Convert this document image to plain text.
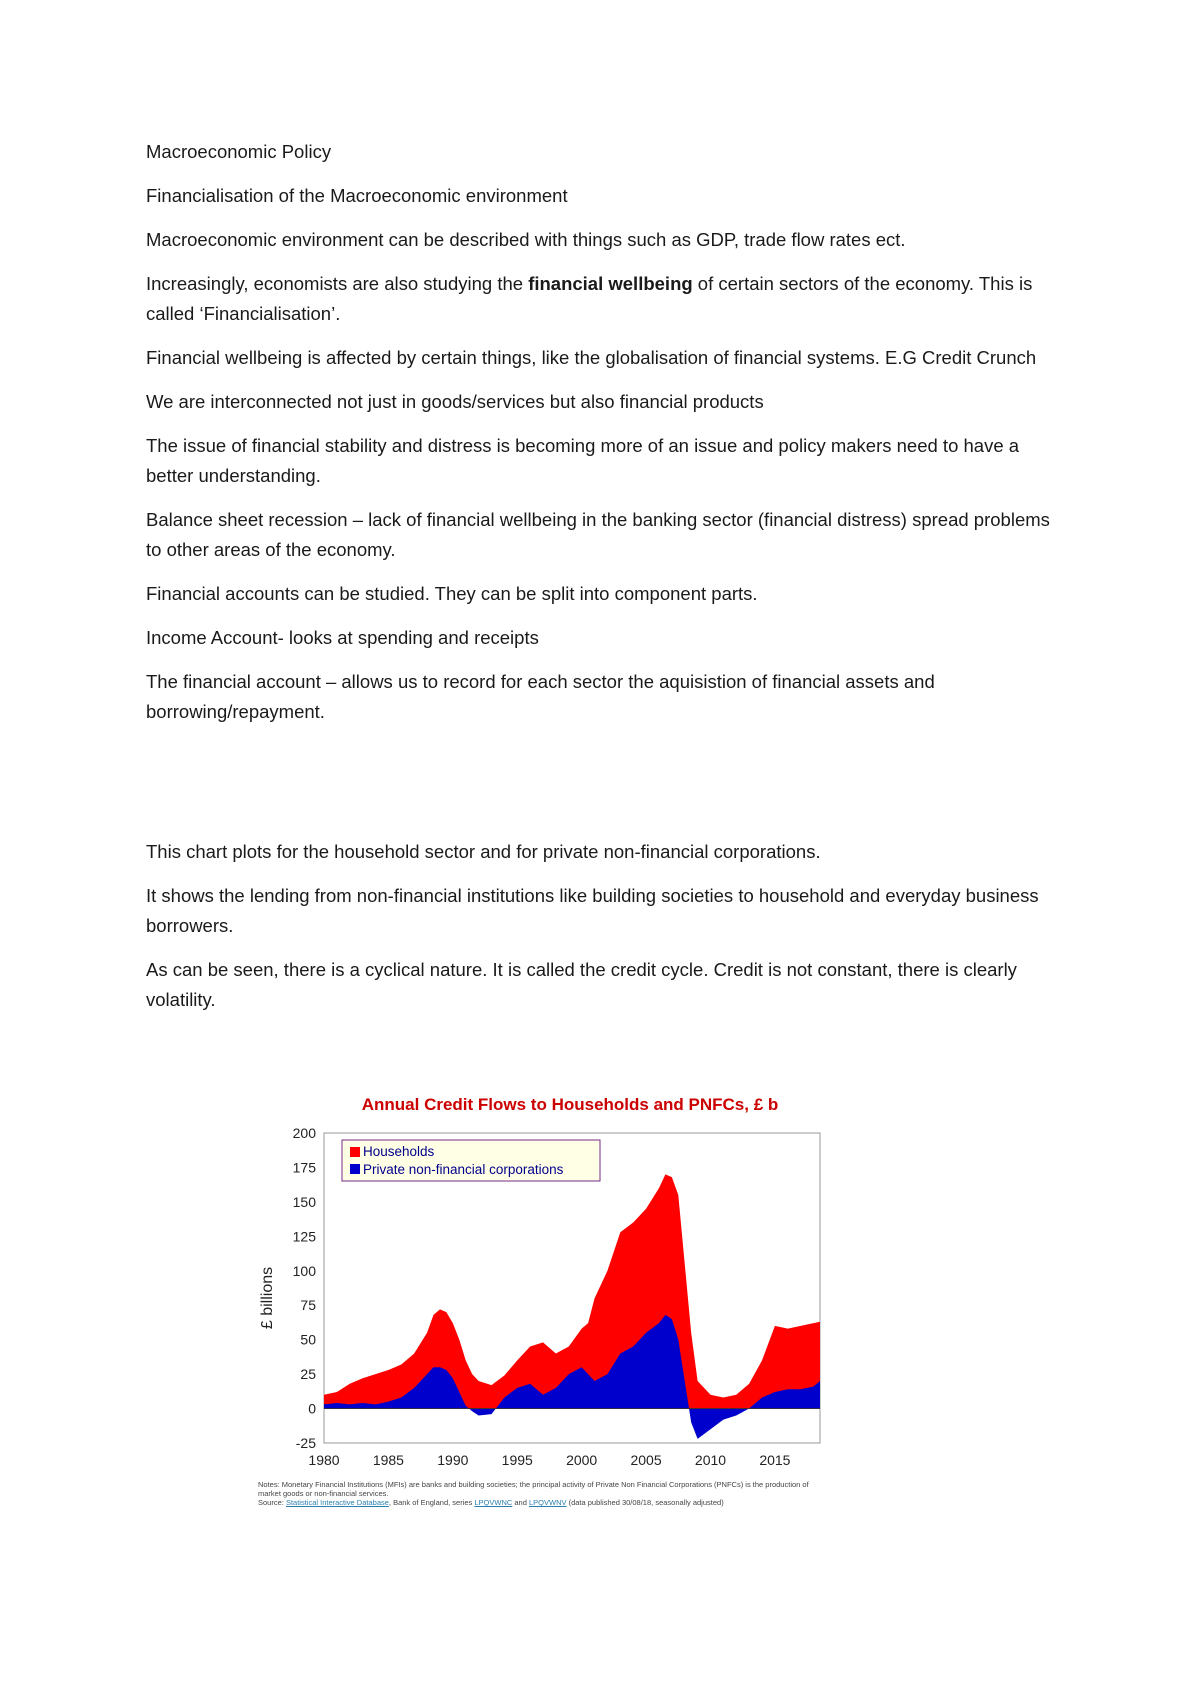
Macroeconomic Policy

Financialisation of the Macroeconomic environment

Macroeconomic environment can be described with things such as GDP, trade flow rates ect.

Increasingly, economists are also studying the financial wellbeing of certain sectors of the economy. This is called ‘Financialisation’.

Financial wellbeing is affected by certain things, like the globalisation of financial systems. E.G Credit Crunch

We are interconnected not just in goods/services but also financial products

The issue of financial stability and distress is becoming more of an issue and policy makers need to have a better understanding.

Balance sheet recession – lack of financial wellbeing in the banking sector (financial distress) spread problems to other areas of the economy.

Financial accounts can be studied. They can be split into component parts.

Income Account- looks at spending and receipts

The financial account – allows us to record for each sector the aquisistion of financial assets and borrowing/repayment.

This chart plots for the household sector and for private non-financial corporations.

It shows the lending from non-financial institutions like building societies to household and everyday business borrowers.

As can be seen, there is a cyclical nature. It is called the credit cycle. Credit is not constant, there is clearly volatility.

Annual Credit Flows to Households and PNFCs, £ b
-25
0
25
50
75
100
125
150
175
200
1980 1985 1990 1995 2000 2005 2010 2015
£ billions
Households
Private non-financial corporations
Notes: Monetary Financial Institutions (MFIs) are banks and building societies; the principal activity of Private Non Financial Corporations (PNFCs) is the production of market goods or non-financial services.
Source: Statistical Interactive Database, Bank of England, series LPQVWNC and LPQVWNV (data published 30/08/18, seasonally adjusted)
